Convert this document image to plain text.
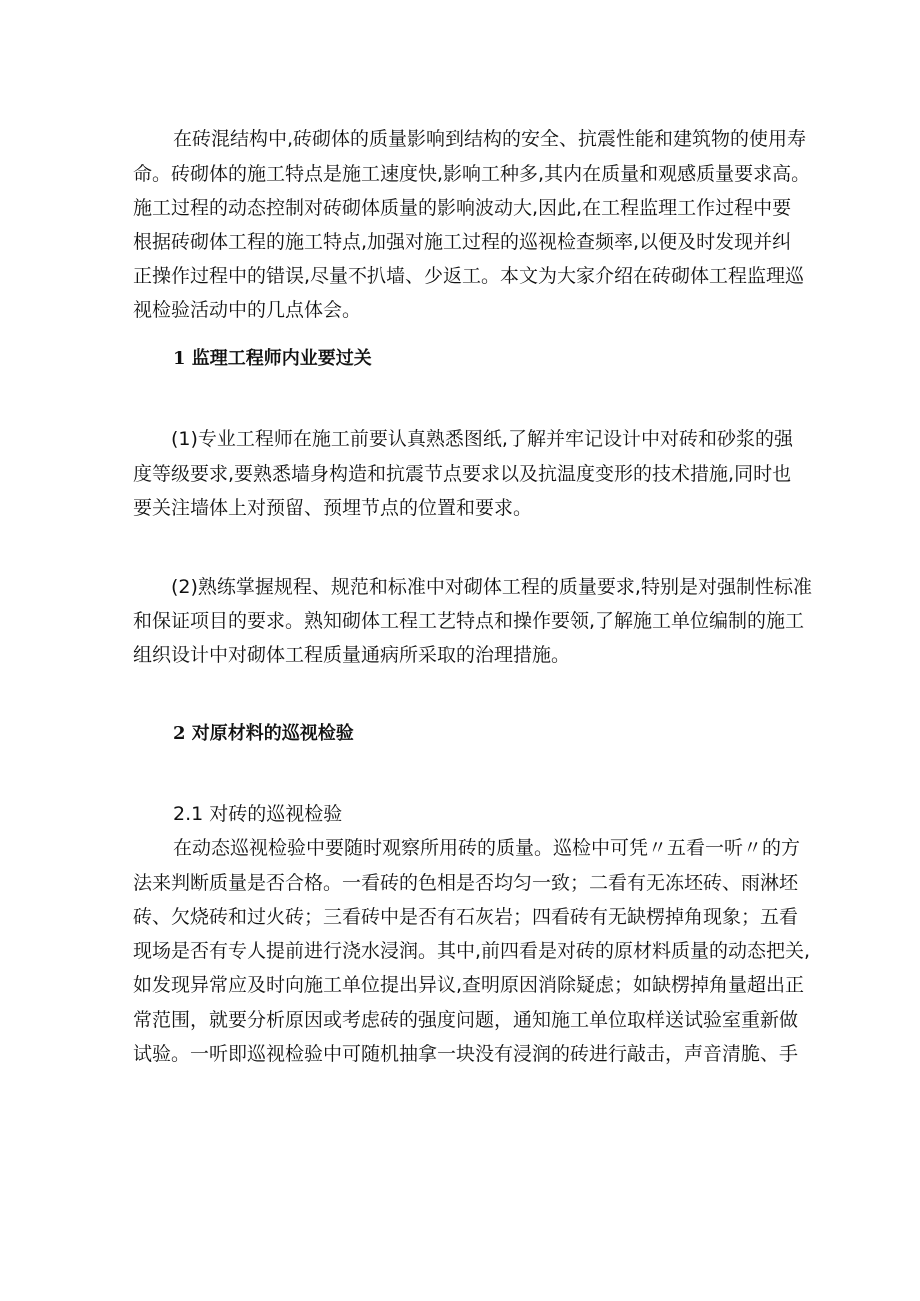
在砖混结构中,砖砌体的质量影响到结构的安全、抗震性能和建筑物的使用寿

命。砖砌体的施工特点是施工速度快,影响工种多,其内在质量和观感质量要求高。

施工过程的动态控制对砖砌体质量的影响波动大,因此,在工程监理工作过程中要

根据砖砌体工程的施工特点,加强对施工过程的巡视检查频率,以便及时发现并纠

正操作过程中的错误,尽量不扒墙、少返工。本文为大家介绍在砖砌体工程监理巡

视检验活动中的几点体会。

1 监理工程师内业要过关

(1)专业工程师在施工前要认真熟悉图纸,了解并牢记设计中对砖和砂浆的强

度等级要求,要熟悉墙身构造和抗震节点要求以及抗温度变形的技术措施,同时也

要关注墙体上对预留、预埋节点的位置和要求。

(2)熟练掌握规程、规范和标准中对砌体工程的质量要求,特别是对强制性标准

和保证项目的要求。熟知砌体工程工艺特点和操作要领,了解施工单位编制的施工

组织设计中对砌体工程质量通病所采取的治理措施。

2 对原材料的巡视检验

2.1 对砖的巡视检验

在动态巡视检验中要随时观察所用砖的质量。巡检中可凭〃五看一听〃的方

法来判断质量是否合格。一看砖的色相是否均匀一致；二看有无冻坯砖、雨淋坯

砖、欠烧砖和过火砖；三看砖中是否有石灰岩；四看砖有无缺楞掉角现象；五看

现场是否有专人提前进行浇水浸润。其中,前四看是对砖的原材料质量的动态把关,

如发现异常应及时向施工单位提出异议,查明原因消除疑虑；如缺楞掉角量超出正

常范围，就要分析原因或考虑砖的强度问题，通知施工单位取样送试验室重新做

试验。一听即巡视检验中可随机抽拿一块没有浸润的砖进行敲击，声音清脆、手
